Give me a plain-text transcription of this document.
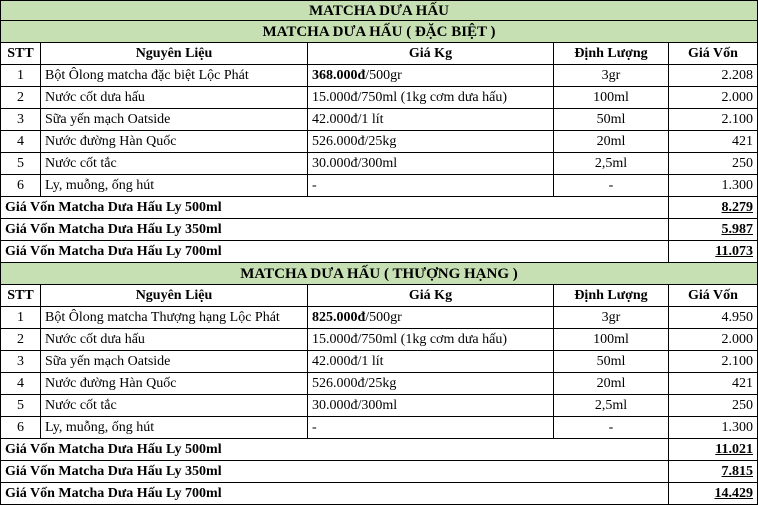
MATCHA DƯA HẤU				
MATCHA DƯA HẤU ( ĐẶC BIỆT )				
STT	Nguyên Liệu	Giá Kg	Định Lượng	Giá Vốn
1	Bột Ôlong matcha đặc biệt Lộc Phát	368.000đ/500gr	3gr	2.208
2	Nước cốt dưa hấu	15.000đ/750ml (1kg cơm dưa hấu)	100ml	2.000
3	Sữa yến mạch Oatside	42.000đ/1 lít	50ml	2.100
4	Nước đường Hàn Quốc	526.000đ/25kg	20ml	421
5	Nước cốt tắc	30.000đ/300ml	2,5ml	250
6	Ly, muỗng, ống hút	-	-	1.300
Giá Vốn Matcha Dưa Hấu Ly 500ml				8.279
Giá Vốn Matcha Dưa Hấu Ly 350ml				5.987
Giá Vốn Matcha Dưa Hấu Ly 700ml				11.073
MATCHA DƯA HẤU ( THƯỢNG HẠNG )				
STT	Nguyên Liệu	Giá Kg	Định Lượng	Giá Vốn
1	Bột Ôlong matcha Thượng hạng Lộc Phát	825.000đ/500gr	3gr	4.950
2	Nước cốt dưa hấu	15.000đ/750ml (1kg cơm dưa hấu)	100ml	2.000
3	Sữa yến mạch Oatside	42.000đ/1 lít	50ml	2.100
4	Nước đường Hàn Quốc	526.000đ/25kg	20ml	421
5	Nước cốt tắc	30.000đ/300ml	2,5ml	250
6	Ly, muỗng, ống hút	-	-	1.300
Giá Vốn Matcha Dưa Hấu Ly 500ml				11.021
Giá Vốn Matcha Dưa Hấu Ly 350ml				7.815
Giá Vốn Matcha Dưa Hấu Ly 700ml				14.429
